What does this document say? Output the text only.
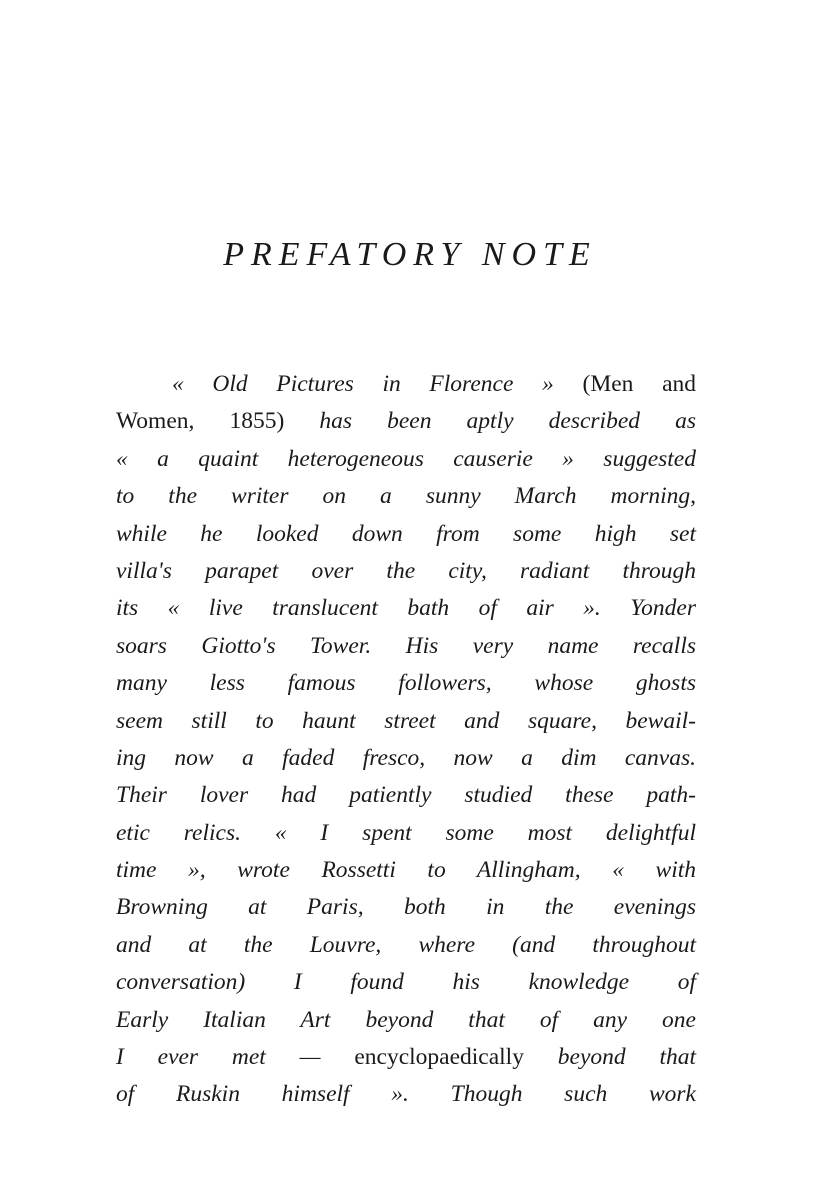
PREFATORY NOTE
« Old Pictures in Florence » (Men and
Women, 1855) has been aptly described as
« a quaint heterogeneous causerie » suggested
to the writer on a sunny March morning,
while he looked down from some high set
villa's parapet over the city, radiant through
its « live translucent bath of air ». Yonder
soars Giotto's Tower. His very name recalls
many less famous followers, whose ghosts
seem still to haunt street and square, bewail-
ing now a faded fresco, now a dim canvas.
Their lover had patiently studied these path-
etic relics. « I spent some most delightful
time », wrote Rossetti to Allingham, « with
Browning at Paris, both in the evenings
and at the Louvre, where (and throughout
conversation) I found his knowledge of
Early Italian Art beyond that of any one
I ever met — encyclopaedically beyond that
of Ruskin himself ». Though such work
